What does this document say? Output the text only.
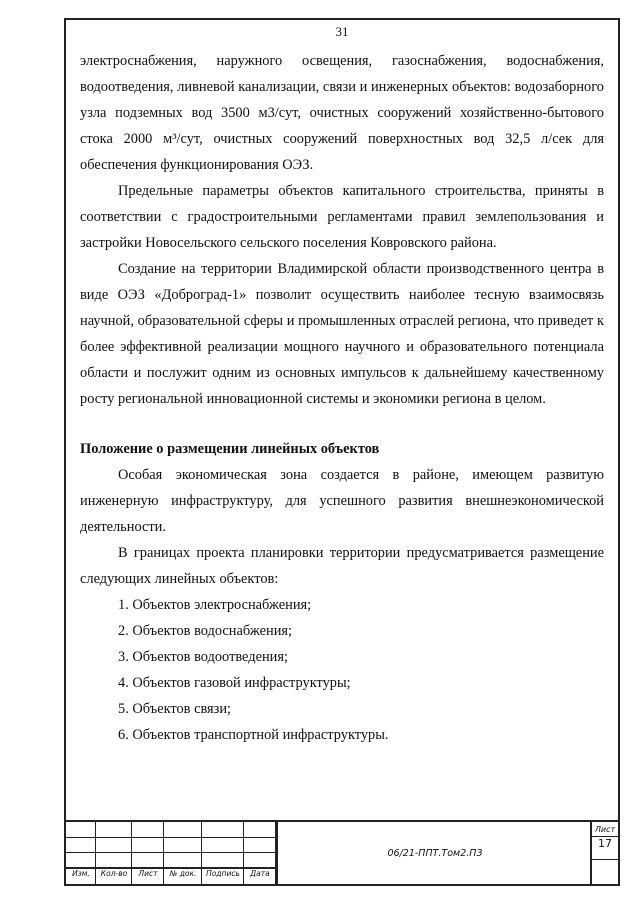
31

электроснабжения, наружного освещения, газоснабжения, водоснабжения, водоотведения, ливневой канализации, связи и инженерных объектов: водозаборного узла подземных вод 3500 м3/сут, очистных сооружений хозяйственно-бытового стока 2000 м³/сут, очистных сооружений поверхностных вод 32,5 л/сек для обеспечения функционирования ОЭЗ.

Предельные параметры объектов капитального строительства, приняты в соответствии с градостроительными регламентами правил землепользования и застройки Новосельского сельского поселения Ковровского района.

Создание на территории Владимирской области производственного центра в виде ОЭЗ «Доброград-1» позволит осуществить наиболее тесную взаимосвязь научной, образовательной сферы и промышленных отраслей региона, что приведет к более эффективной реализации мощного научного и образовательного потенциала области и послужит одним из основных импульсов к дальнейшему качественному росту региональной инновационной системы и экономики региона в целом.

Положение о размещении линейных объектов

Особая экономическая зона создается в районе, имеющем развитую инженерную инфраструктуру, для успешного развития внешнеэкономической деятельности.

В границах проекта планировки территории предусматривается размещение следующих линейных объектов:

1. Объектов электроснабжения;
2. Объектов водоснабжения;
3. Объектов водоотведения;
4. Объектов газовой инфраструктуры;
5. Объектов связи;
6. Объектов транспортной инфраструктуры.
Изм.	Кол-во	Лист	№ док.	Подпись	Дата
06/21-ППТ.Том2.ПЗ
Лист
17
